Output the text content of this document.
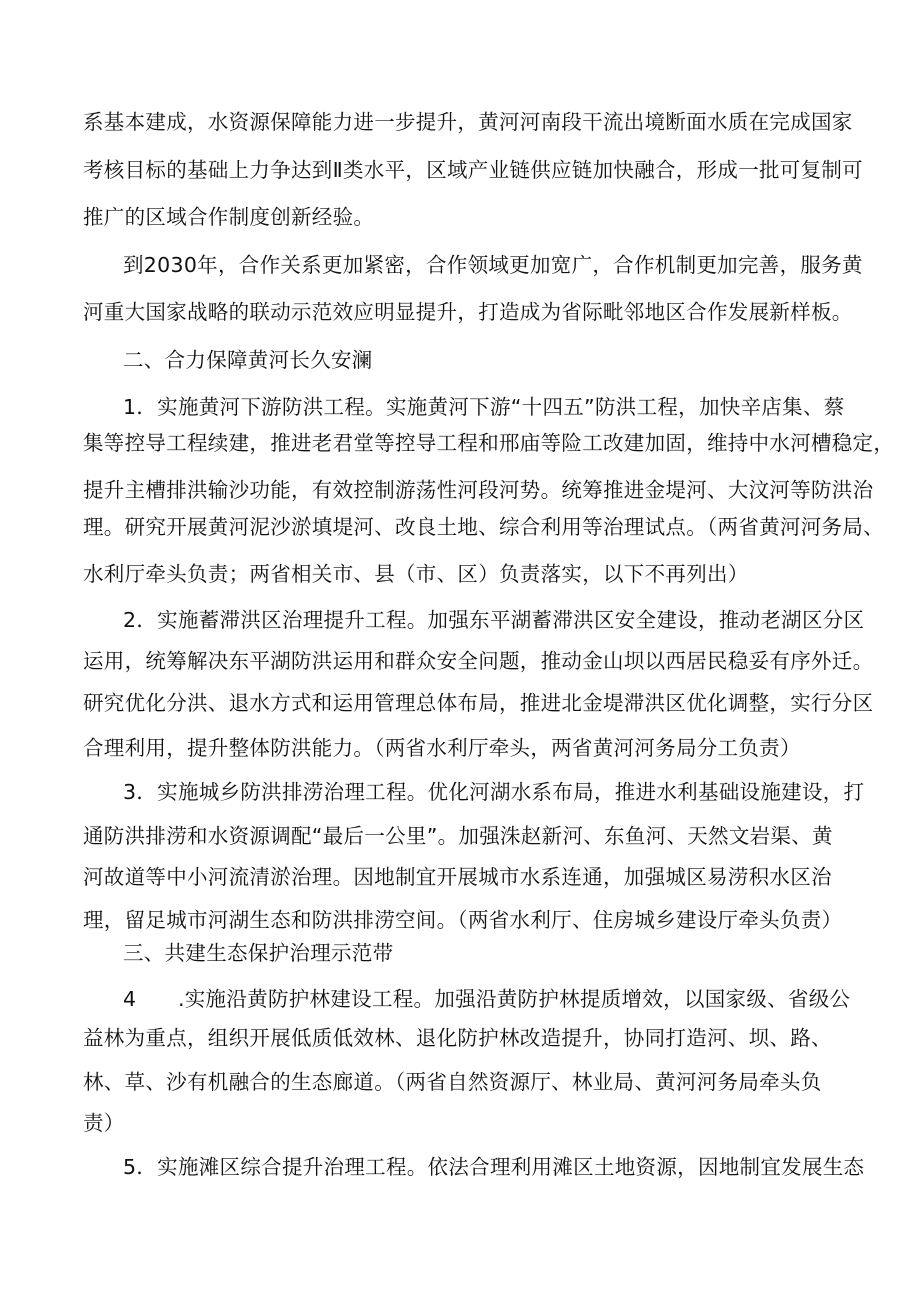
系基本建成，水资源保障能力进一步提升，黄河河南段干流出境断面水质在完成国家
考核目标的基础上力争达到Ⅱ类水平，区域产业链供应链加快融合，形成一批可复制可
推广的区域合作制度创新经验。
到2030年，合作关系更加紧密，合作领域更加宽广，合作机制更加完善，服务黄
河重大国家战略的联动示范效应明显提升，打造成为省际毗邻地区合作发展新样板。
二、合力保障黄河长久安澜
1．实施黄河下游防洪工程。实施黄河下游“十四五”防洪工程，加快辛店集、蔡
集等控导工程续建，推进老君堂等控导工程和邢庙等险工改建加固，维持中水河槽稳定，
提升主槽排洪输沙功能，有效控制游荡性河段河势。统筹推进金堤河、大汶河等防洪治
理。研究开展黄河泥沙淤填堤河、改良土地、综合利用等治理试点。（两省黄河河务局、
水利厅牵头负责；两省相关市、县（市、区）负责落实，以下不再列出）
2．实施蓄滞洪区治理提升工程。加强东平湖蓄滞洪区安全建设，推动老湖区分区
运用，统筹解决东平湖防洪运用和群众安全问题，推动金山坝以西居民稳妥有序外迁。
研究优化分洪、退水方式和运用管理总体布局，推进北金堤滞洪区优化调整，实行分区
合理利用，提升整体防洪能力。（两省水利厅牵头，两省黄河河务局分工负责）
3．实施城乡防洪排涝治理工程。优化河湖水系布局，推进水利基础设施建设，打
通防洪排涝和水资源调配“最后一公里”。加强洙赵新河、东鱼河、天然文岩渠、黄
河故道等中小河流清淤治理。因地制宜开展城市水系连通，加强城区易涝积水区治
理，留足城市河湖生态和防洪排涝空间。（两省水利厅、住房城乡建设厅牵头负责）
三、共建生态保护治理示范带
4　　.实施沿黄防护林建设工程。加强沿黄防护林提质增效，以国家级、省级公
益林为重点，组织开展低质低效林、退化防护林改造提升，协同打造河、坝、路、
林、草、沙有机融合的生态廊道。（两省自然资源厅、林业局、黄河河务局牵头负
责）
5．实施滩区综合提升治理工程。依法合理利用滩区土地资源，因地制宜发展生态
